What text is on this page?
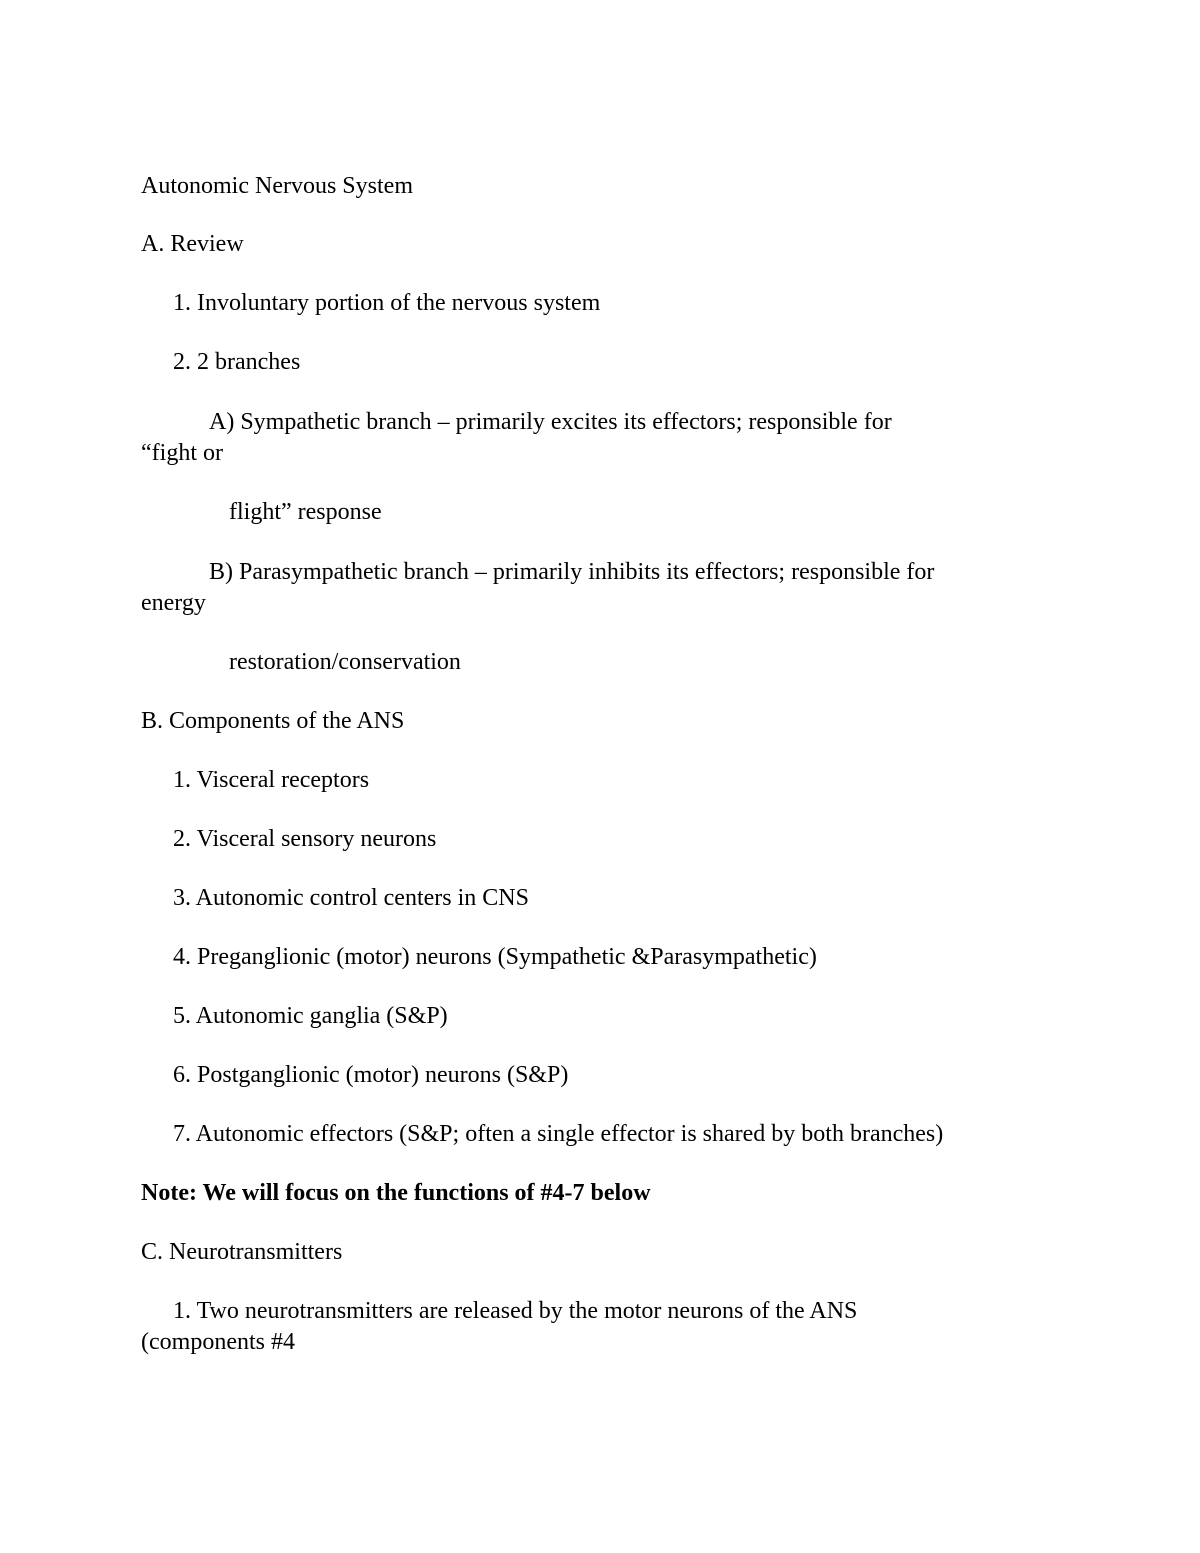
Autonomic Nervous System

A. Review

1. Involuntary portion of the nervous system

2. 2 branches

A) Sympathetic branch – primarily excites its effectors; responsible for

“fight or

flight” response

B) Parasympathetic branch – primarily inhibits its effectors; responsible for

energy

restoration/conservation

B. Components of the ANS

1. Visceral receptors

2. Visceral sensory neurons

3. Autonomic control centers in CNS

4. Preganglionic (motor) neurons (Sympathetic &Parasympathetic)

5. Autonomic ganglia (S&P)

6. Postganglionic (motor) neurons (S&P)

7. Autonomic effectors (S&P; often a single effector is shared by both branches)

Note: We will focus on the functions of #4-7 below

C. Neurotransmitters

1. Two neurotransmitters are released by the motor neurons of the ANS

(components #4
